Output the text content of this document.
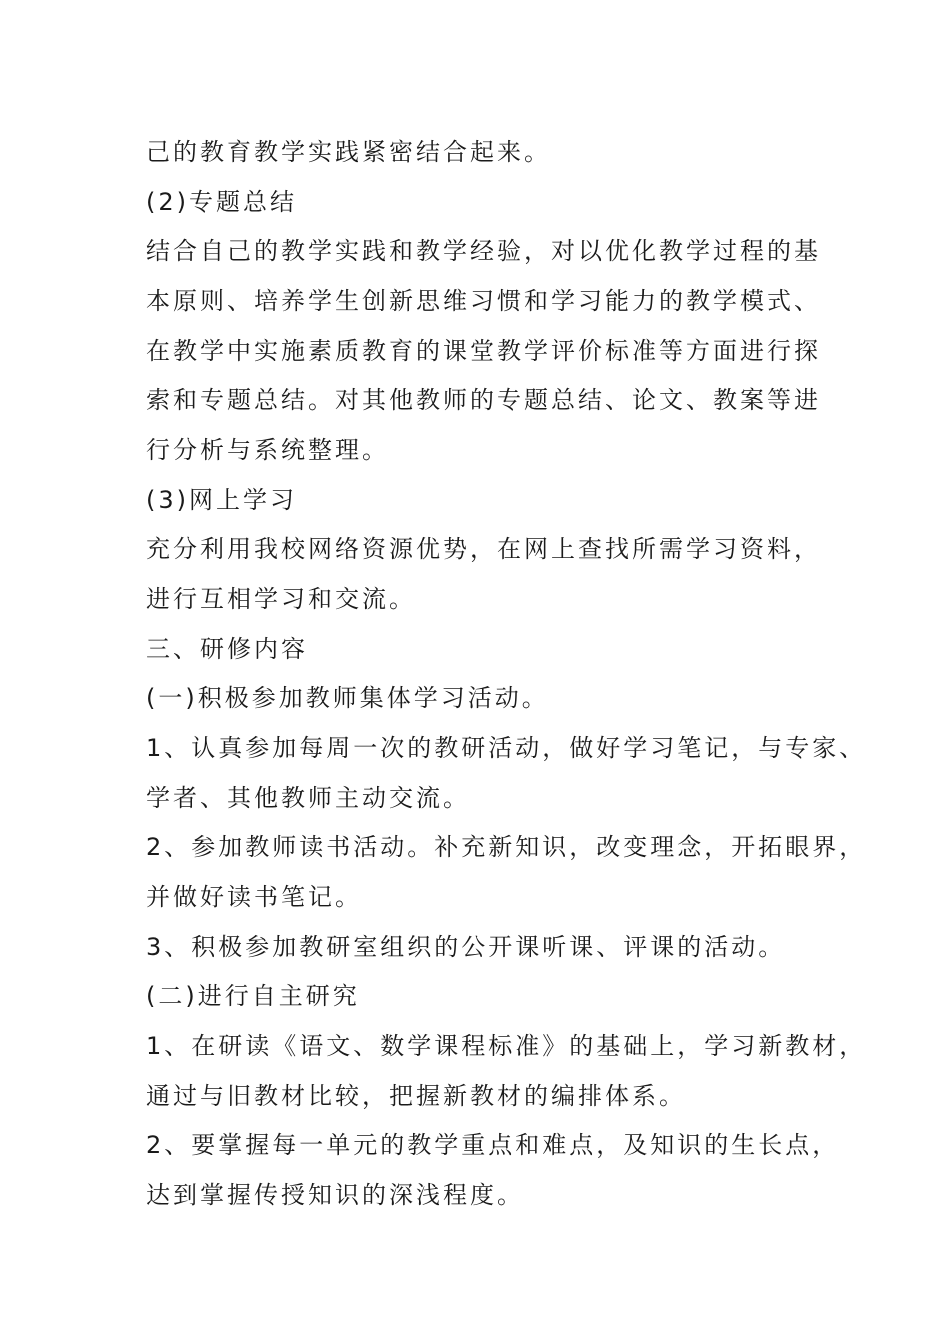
己的教育教学实践紧密结合起来。
(2)专题总结
结合自己的教学实践和教学经验，对以优化教学过程的基
本原则、培养学生创新思维习惯和学习能力的教学模式、
在教学中实施素质教育的课堂教学评价标准等方面进行探
索和专题总结。对其他教师的专题总结、论文、教案等进
行分析与系统整理。
(3)网上学习
充分利用我校网络资源优势，在网上查找所需学习资料，
进行互相学习和交流。
三、研修内容
(一)积极参加教师集体学习活动。
1、认真参加每周一次的教研活动，做好学习笔记，与专家、
学者、其他教师主动交流。
2、参加教师读书活动。补充新知识，改变理念，开拓眼界，
并做好读书笔记。
3、积极参加教研室组织的公开课听课、评课的活动。
(二)进行自主研究
1、在研读《语文、数学课程标准》的基础上，学习新教材，
通过与旧教材比较，把握新教材的编排体系。
2、要掌握每一单元的教学重点和难点，及知识的生长点，
达到掌握传授知识的深浅程度。
